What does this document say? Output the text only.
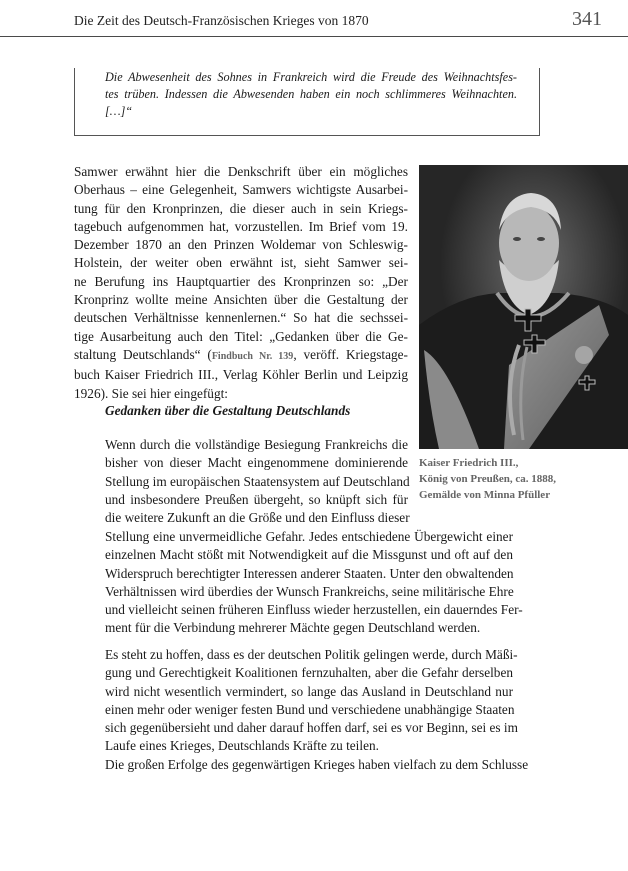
Die Zeit des Deutsch-Französischen Krieges von 1870	341

Die Abwesenheit des Sohnes in Frankreich wird die Freude des Weihnachtsfes-
tes trüben. Indessen die Abwesenden haben ein noch schlimmeres Weihnachten.
[…]“

Samwer erwähnt hier die Denkschrift über ein mögliches
Oberhaus – eine Gelegenheit, Samwers wichtigste Ausarbei-
tung für den Kronprinzen, die dieser auch in sein Kriegs-
tagebuch aufgenommen hat, vorzustellen. Im Brief vom 19.
Dezember 1870 an den Prinzen Woldemar von Schleswig-
Holstein, der weiter oben erwähnt ist, sieht Samwer sei-
ne Berufung ins Hauptquartier des Kronprinzen so: „Der
Kronprinz wollte meine Ansichten über die Gestaltung der
deutschen Verhältnisse kennenlernen.“ So hat die sechssei-
tige Ausarbeitung auch den Titel: „Gedanken über die Ge-
staltung Deutschlands“ (Findbuch Nr. 139, veröff. Kriegstage-
buch Kaiser Friedrich III., Verlag Köhler Berlin und Leipzig
1926). Sie sei hier eingefügt:

Kaiser Friedrich III.,
König von Preußen, ca. 1888,
Gemälde von Minna Pfüller

Gedanken über die Gestaltung Deutschlands

Wenn durch die vollständige Besiegung Frankreichs die
bisher von dieser Macht eingenommene dominierende
Stellung im europäischen Staatensystem auf Deutschland
und insbesondere Preußen übergeht, so knüpft sich für
die weitere Zukunft an die Größe und den Einfluss dieser

Stellung eine unvermeidliche Gefahr. Jedes entschiedene Übergewicht einer
einzelnen Macht stößt mit Notwendigkeit auf die Missgunst und oft auf den
Widerspruch berechtigter Interessen anderer Staaten. Unter den obwaltenden
Verhältnissen wird überdies der Wunsch Frankreichs, seine militärische Ehre
und vielleicht seinen früheren Einfluss wieder herzustellen, ein dauerndes Fer-
ment für die Verbindung mehrerer Mächte gegen Deutschland werden.

Es steht zu hoffen, dass es der deutschen Politik gelingen werde, durch Mäßi-
gung und Gerechtigkeit Koalitionen fernzuhalten, aber die Gefahr derselben
wird nicht wesentlich vermindert, so lange das Ausland in Deutschland nur
einen mehr oder weniger festen Bund und verschiedene unabhängige Staaten
sich gegenübersieht und daher darauf hoffen darf, sei es vor Beginn, sei es im
Laufe eines Krieges, Deutschlands Kräfte zu teilen.

Die großen Erfolge des gegenwärtigen Krieges haben vielfach zu dem Schlusse
